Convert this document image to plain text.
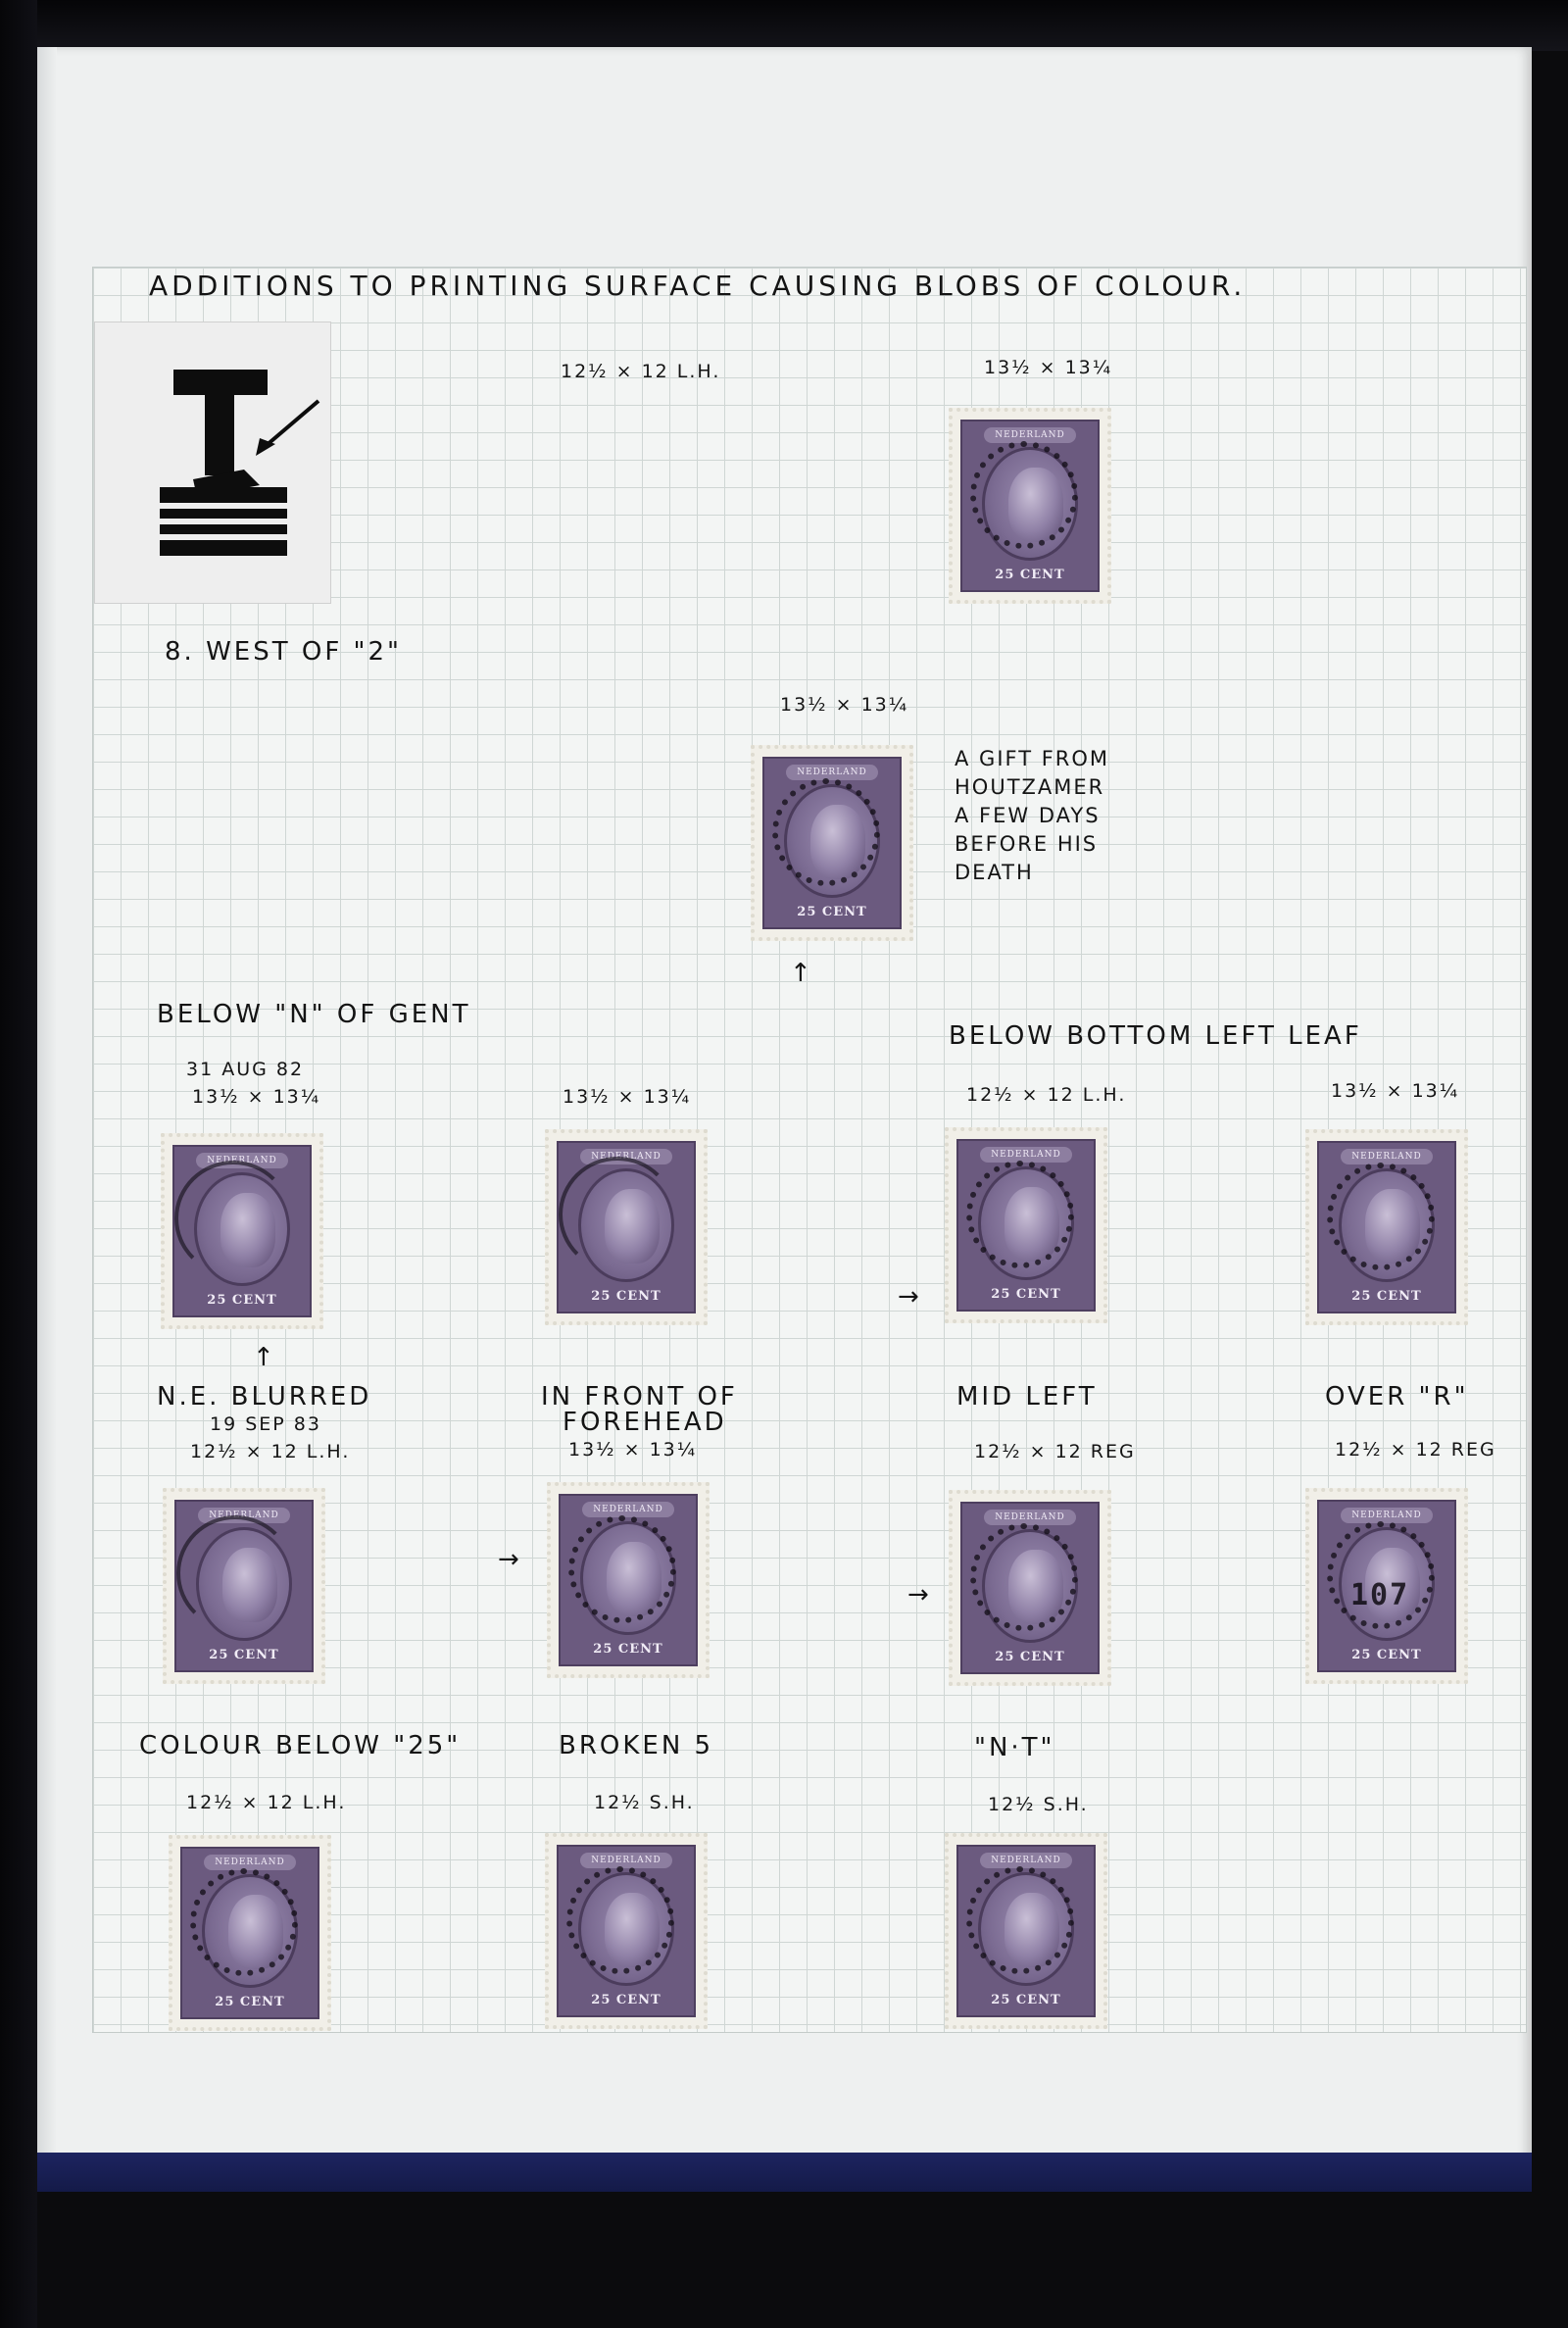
ADDITIONS TO PRINTING SURFACE CAUSING BLOBS OF COLOUR.
12½ × 12 L.H.	13½ × 13¼
NEDERLAND
25 CENT
8. WEST OF "2"
13½ × 13¼
NEDERLAND
25 CENT
A GIFT FROM
HOUTZAMER
A FEW DAYS
BEFORE HIS
DEATH
↑
BELOW "N" OF GENT
BELOW BOTTOM LEFT LEAF
31 AUG 82
13½ × 13¼	13½ × 13¼	12½ × 12 L.H.	13½ × 13¼
NEDERLAND
25 CENT
NEDERLAND
25 CENT	→
NEDERLAND
25 CENT
NEDERLAND
25 CENT
↑
N.E. BLURRED
19 SEP 83
12½ × 12 L.H.
IN FRONT OF
FOREHEAD
13½ × 13¼
MID LEFT
12½ × 12 REG
OVER "R"
12½ × 12 REG
NEDERLAND
25 CENT
→
NEDERLAND
25 CENT
→
NEDERLAND
25 CENT
NEDERLAND
25 CENT
107
COLOUR BELOW "25"
12½ × 12 L.H.
BROKEN 5
12½ S.H.
"N·T"
12½ S.H.
NEDERLAND
25 CENT
NEDERLAND
25 CENT
NEDERLAND
25 CENT
